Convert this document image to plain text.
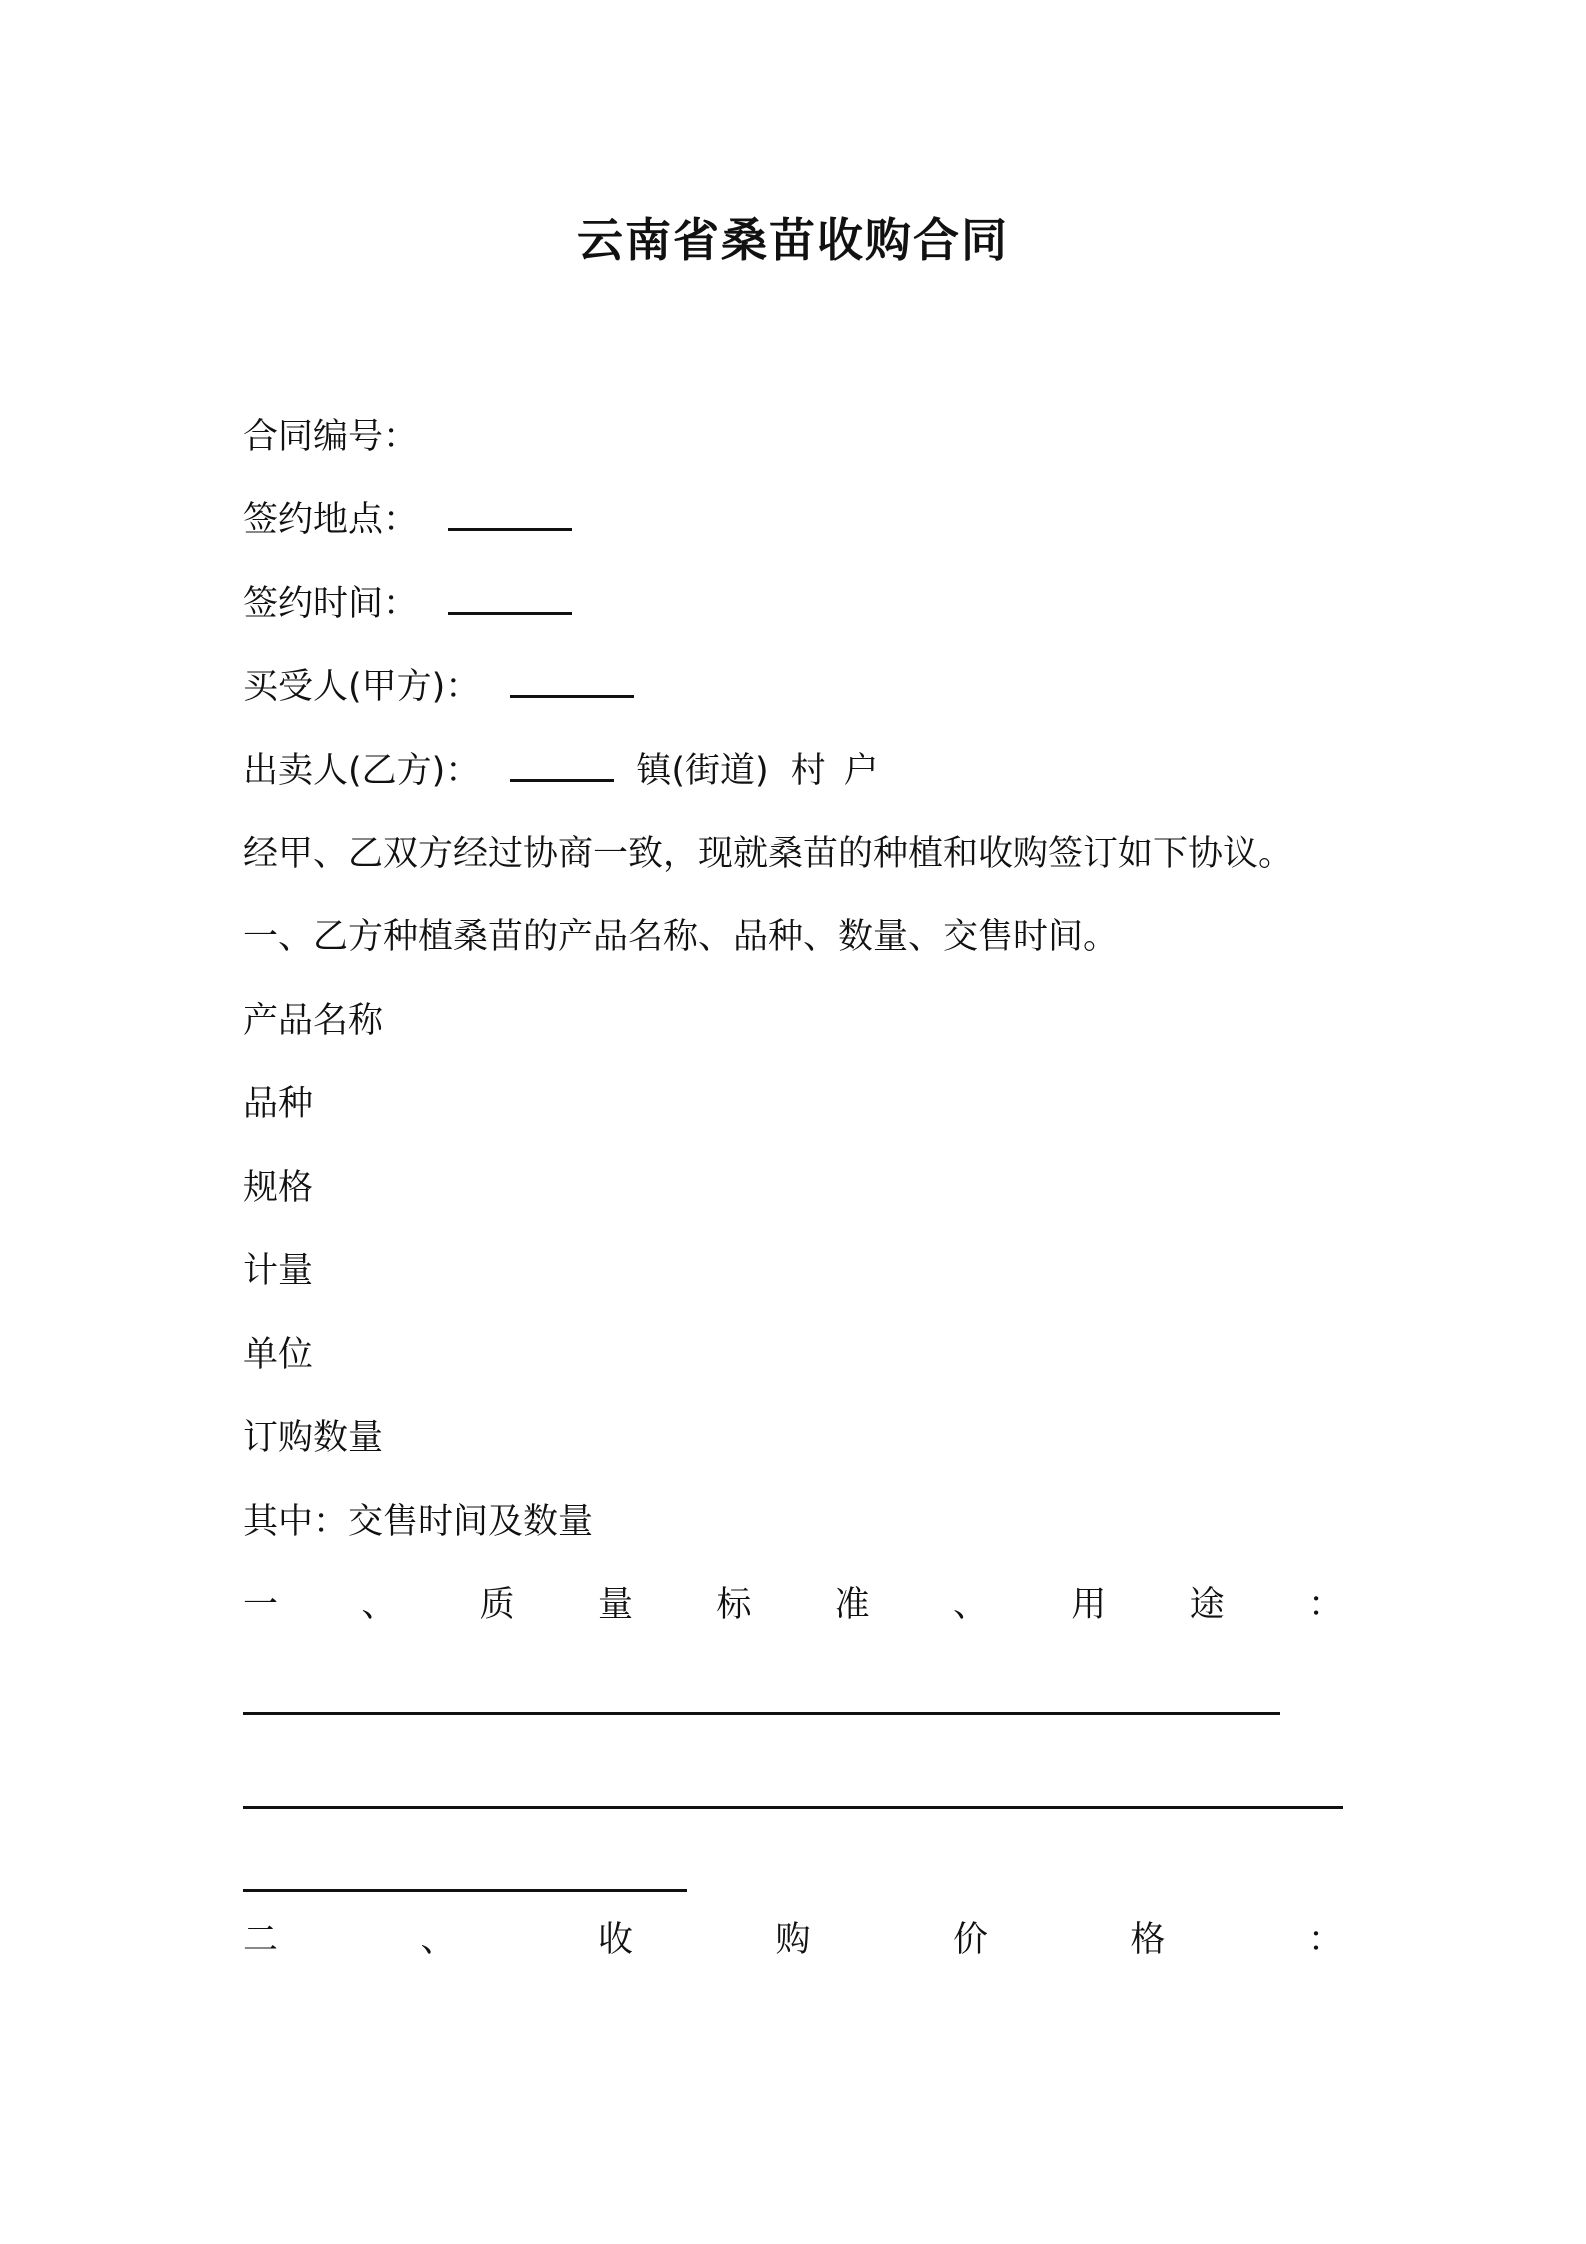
云南省桑苗收购合同
合同编号：
签约地点：
签约时间：
买受人(甲方)：
出卖人(乙方)：	镇(街道) 村 户
经甲、乙双方经过协商一致，现就桑苗的种植和收购签订如下协议。
一、乙方种植桑苗的产品名称、品种、数量、交售时间。
产品名称
品种
规格
计量
单位
订购数量
其中：交售时间及数量
一 、 质 量 标 准 、 用 途 ：
二	、	收	购	价	格	：
